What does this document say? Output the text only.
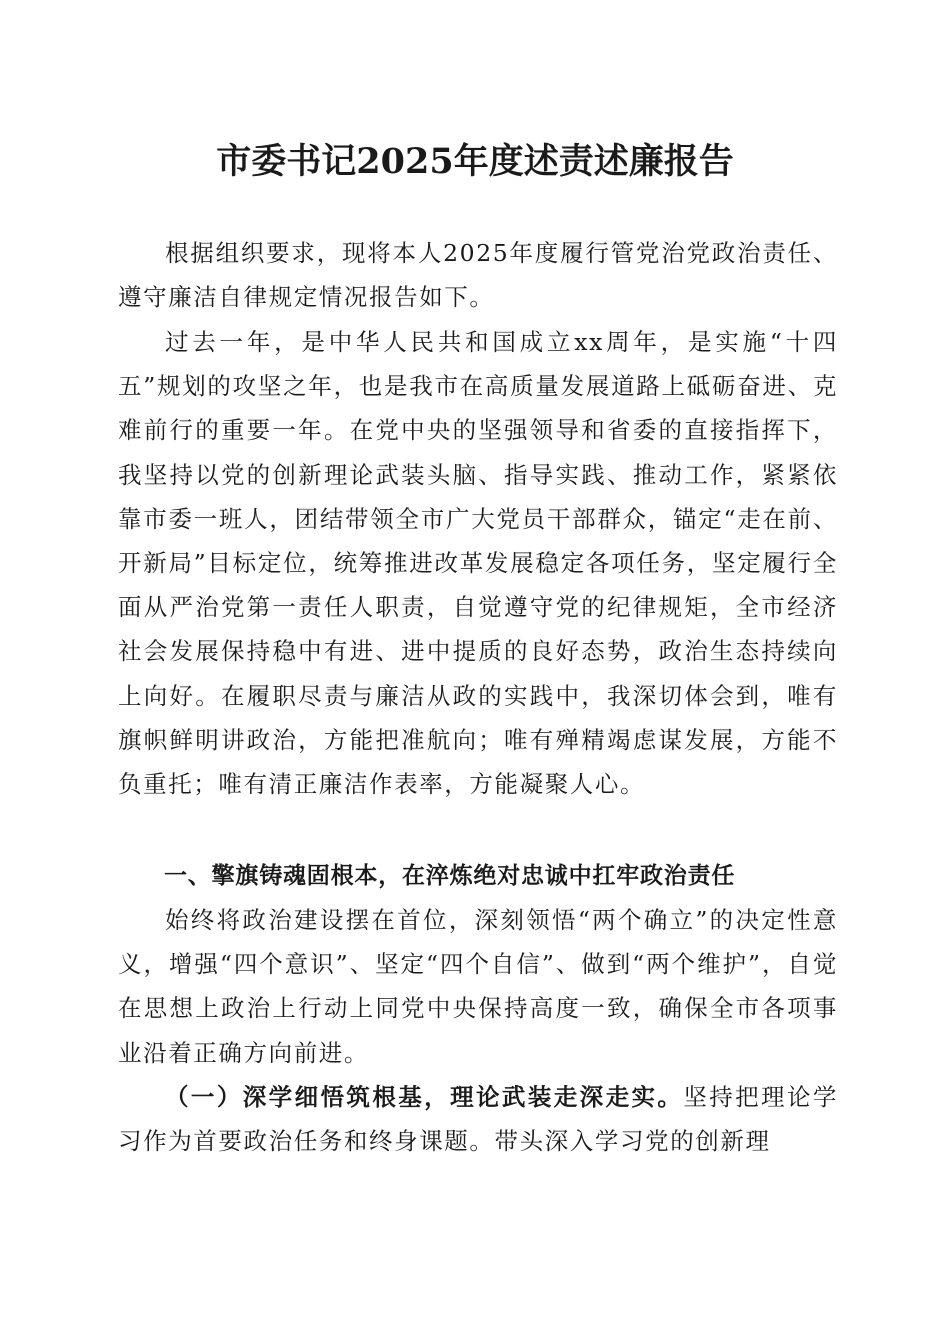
市委书记2025年度述责述廉报告

根据组织要求，现将本人2025年度履行管党治党政治责任、遵守廉洁自律规定情况报告如下。

过去一年，是中华人民共和国成立xx周年，是实施“十四五”规划的攻坚之年，也是我市在高质量发展道路上砥砺奋进、克难前行的重要一年。在党中央的坚强领导和省委的直接指挥下，我坚持以党的创新理论武装头脑、指导实践、推动工作，紧紧依靠市委一班人，团结带领全市广大党员干部群众，锚定“走在前、开新局”目标定位，统筹推进改革发展稳定各项任务，坚定履行全面从严治党第一责任人职责，自觉遵守党的纪律规矩，全市经济社会发展保持稳中有进、进中提质的良好态势，政治生态持续向上向好。在履职尽责与廉洁从政的实践中，我深切体会到，唯有旗帜鲜明讲政治，方能把准航向；唯有殚精竭虑谋发展，方能不负重托；唯有清正廉洁作表率，方能凝聚人心。

一、擎旗铸魂固根本，在淬炼绝对忠诚中扛牢政治责任

始终将政治建设摆在首位，深刻领悟“两个确立”的决定性意义，增强“四个意识”、坚定“四个自信”、做到“两个维护”，自觉在思想上政治上行动上同党中央保持高度一致，确保全市各项事业沿着正确方向前进。

（一）深学细悟筑根基，理论武装走深走实。坚持把理论学习作为首要政治任务和终身课题。带头深入学习党的创新理
